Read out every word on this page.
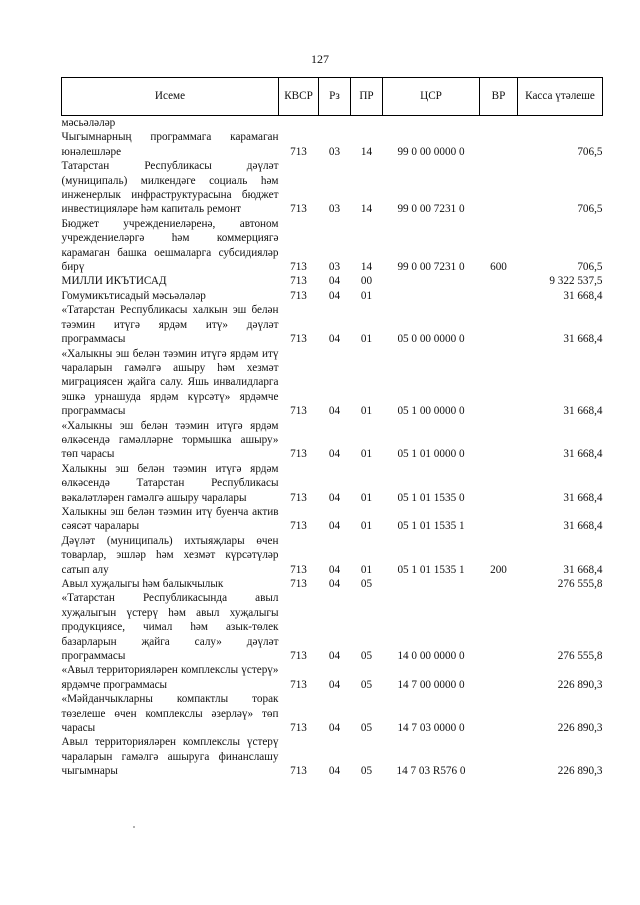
127
Исеме	КВСР	Рз	ПР	ЦСР	ВР	Касса үтәлеше
мәсьәләләр						
Чыгымнарның программага карамаган юнәлешләре	713	03	14	99 0 00 0000 0		706,5
Татарстан Республикасы дәүләт (муниципаль) милкендәге социаль һәм инженерлык инфраструктурасына бюджет инвестицияләре һәм капиталь ремонт	713	03	14	99 0 00 7231 0		706,5
Бюджет учреждениеләренә, автоном учреждениеләргә һәм коммерциягә карамаган башка оешмаларга субсидияләр бирү	713	03	14	99 0 00 7231 0	600	706,5
МИЛЛИ ИКЪТИСАД	713	04	00			9 322 537,5
Гомумикътисадый мәсьәләләр	713	04	01			31 668,4
«Татарстан Республикасы халкын эш белән тәэмин итүгә ярдәм итү» дәүләт программасы	713	04	01	05 0 00 0000 0		31 668,4
«Халыкны эш белән тәэмин итүгә ярдәм итү чараларын гамәлгә ашыру һәм хезмәт миграциясен җайга салу. Яшь инвалидларга эшкә урнашуда ярдәм күрсәтү» ярдәмче программасы	713	04	01	05 1 00 0000 0		31 668,4
«Халыкны эш белән тәэмин итүгә ярдәм өлкәсендә гамәлләрне тормышка ашыру» төп чарасы	713	04	01	05 1 01 0000 0		31 668,4
Халыкны эш белән тәэмин итүгә ярдәм өлкәсендә Татарстан Республикасы вәкаләтләрен гамәлгә ашыру чаралары	713	04	01	05 1 01 1535 0		31 668,4
Халыкны эш белән тәэмин итү буенча актив сәясәт чаралары	713	04	01	05 1 01 1535 1		31 668,4
Дәүләт (муниципаль) ихтыяҗлары өчен товарлар, эшләр һәм хезмәт күрсәтүләр сатып алу	713	04	01	05 1 01 1535 1	200	31 668,4
Авыл хуҗалыгы һәм балыкчылык	713	04	05			276 555,8
«Татарстан Республикасында авыл хуҗалыгын үстерү һәм авыл хуҗалыгы продукциясе, чимал һәм азык-төлек базарларын җайга салу» дәүләт программасы	713	04	05	14 0 00 0000 0		276 555,8
«Авыл территорияләрен комплекслы үстерү» ярдәмче программасы	713	04	05	14 7 00 0000 0		226 890,3
«Мәйданчыкларны компактлы торак төзелеше өчен комплекслы әзерләү» төп чарасы	713	04	05	14 7 03 0000 0		226 890,3
Авыл территорияләрен комплекслы үстерү чараларын гамәлгә ашыруга финанслашу чыгымнары	713	04	05	14 7 03 R576 0		226 890,3
